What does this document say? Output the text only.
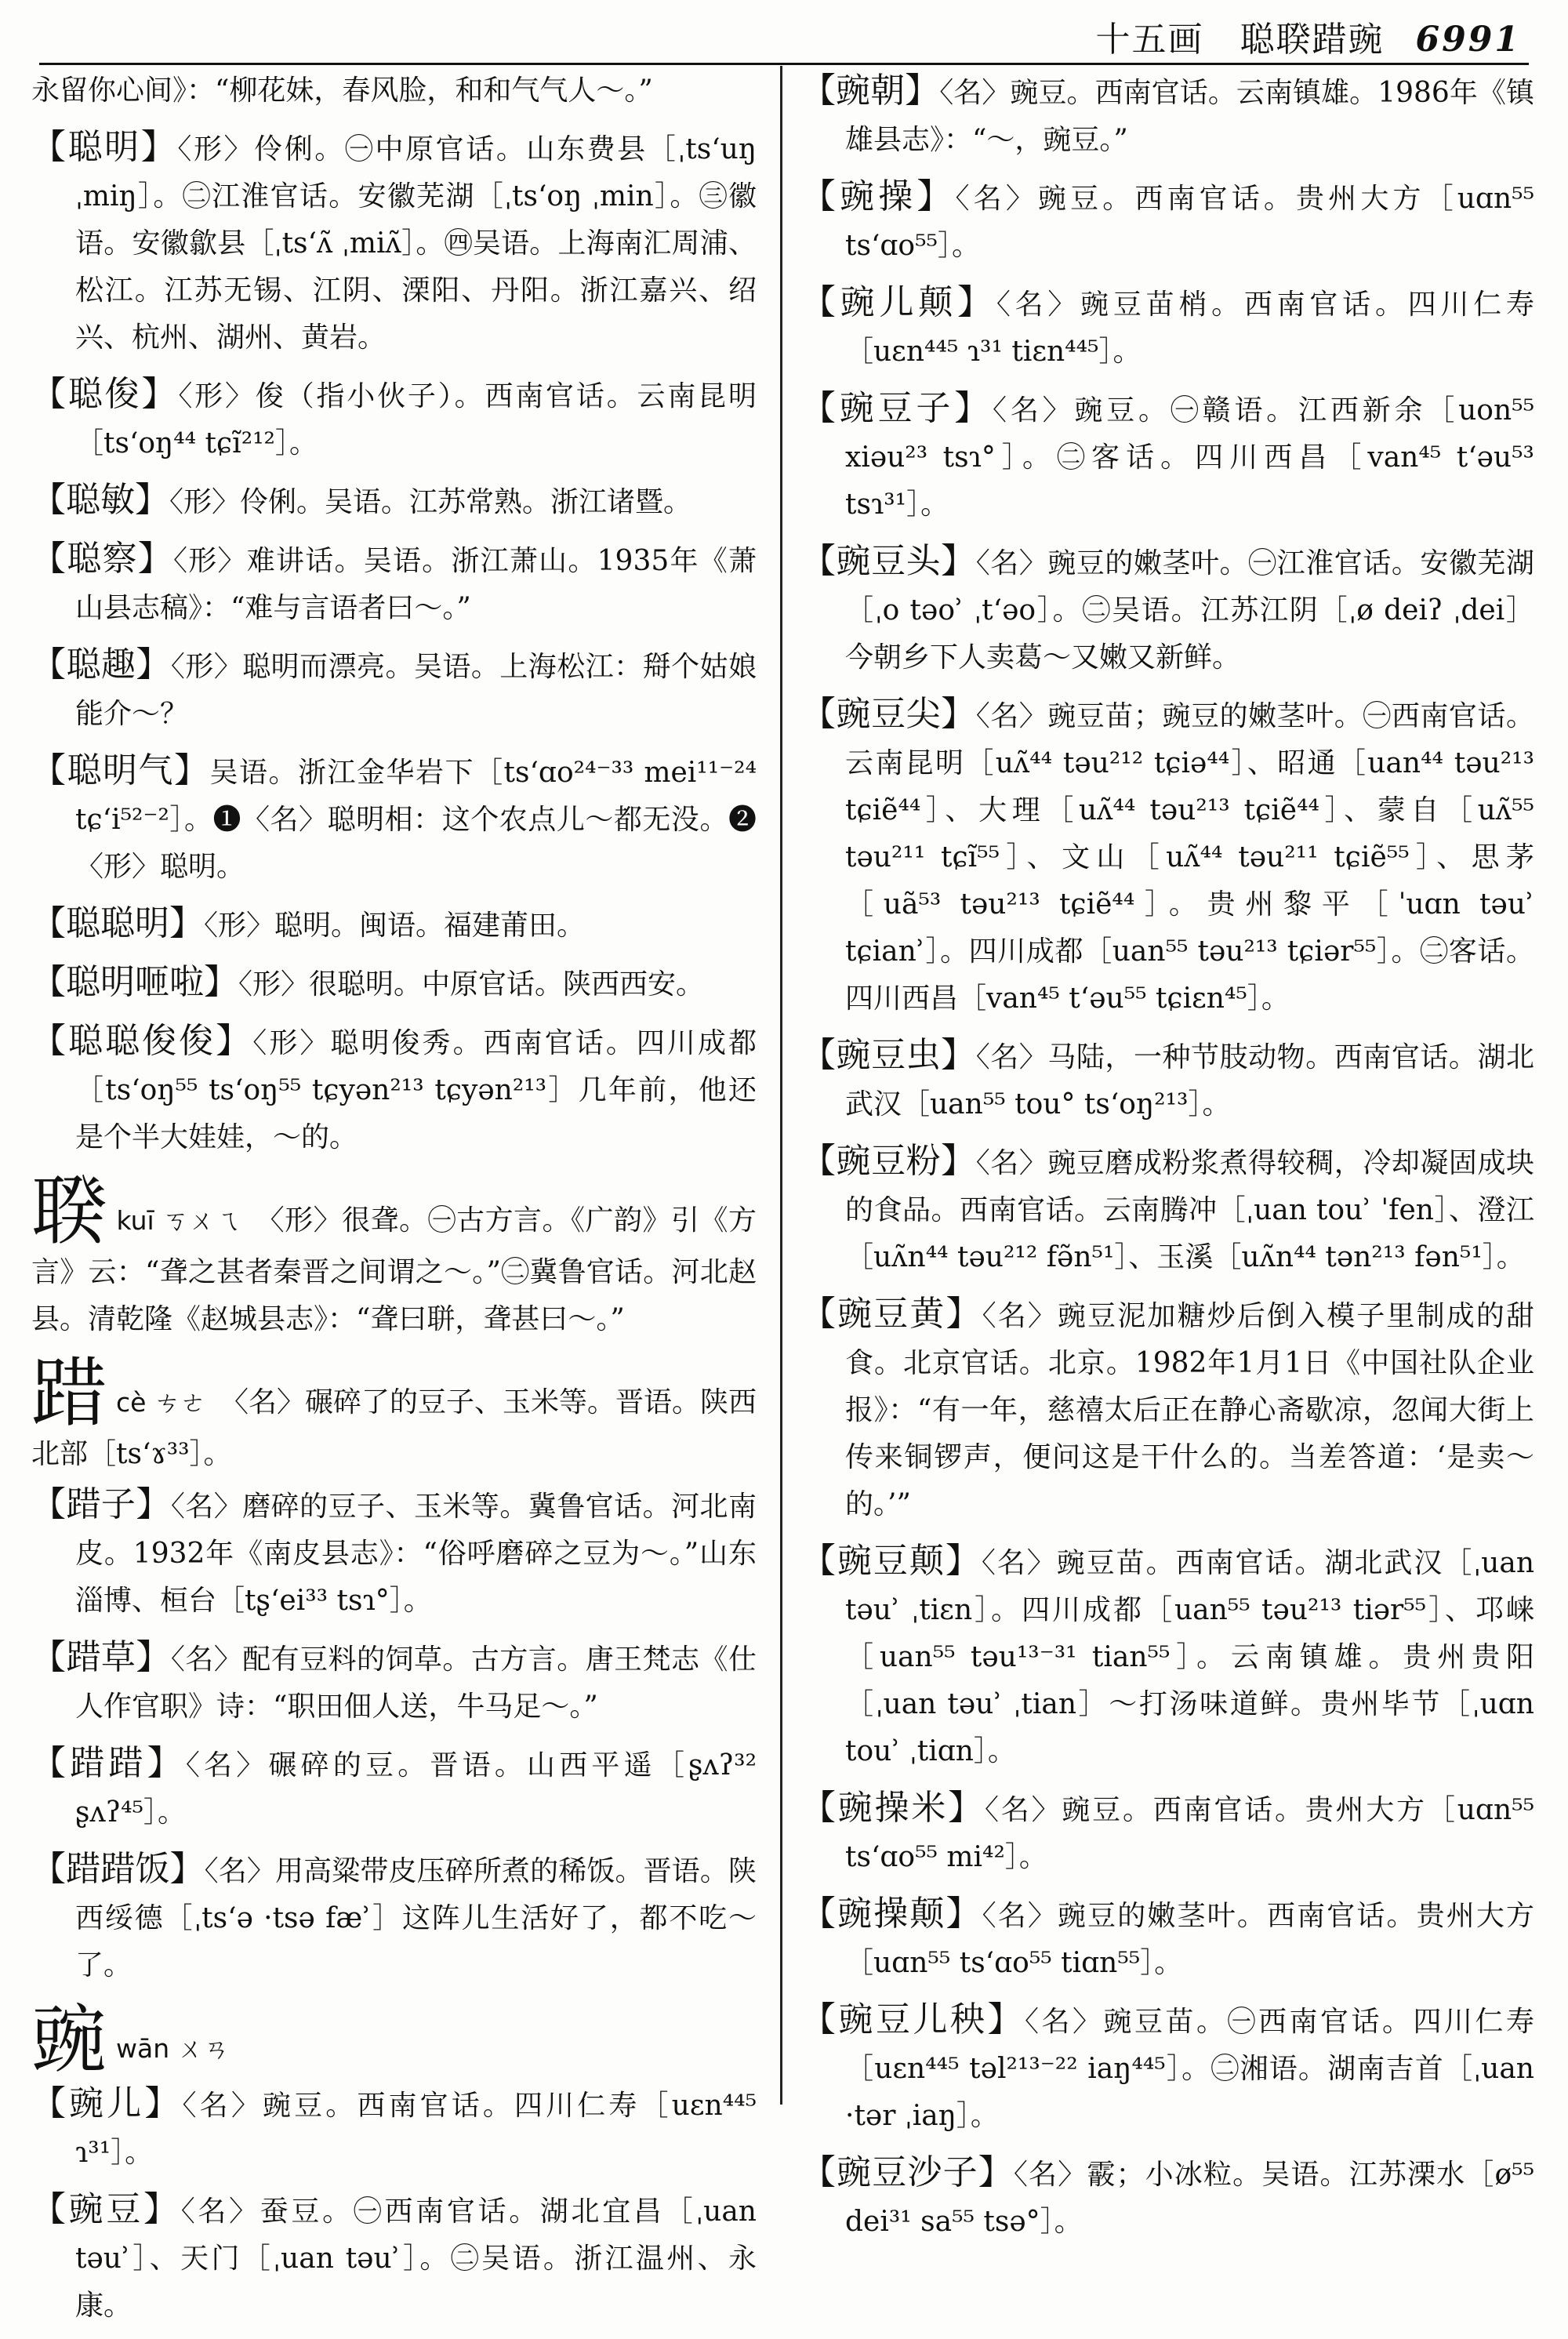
十五画　聪聧踖豌 6991

永留你心间》：“柳花妹，春风脸，和和气气人～。”

【聪明】〈形〉伶俐。㊀中原官话。山东费县［ˌts‘uŋ ˌmiŋ］。㊁江淮官话。安徽芜湖［ˌts‘oŋ ˌmin］。㊂徽语。安徽歙县［ˌts‘ʌ̃ ˌmiʌ̃］。㊃吴语。上海南汇周浦、松江。江苏无锡、江阴、溧阳、丹阳。浙江嘉兴、绍兴、杭州、湖州、黄岩。

【聪俊】〈形〉俊（指小伙子）。西南官话。云南昆明［ts‘oŋ⁴⁴ tɕĩ²¹²］。

【聪敏】〈形〉伶俐。吴语。江苏常熟。浙江诸暨。

【聪察】〈形〉难讲话。吴语。浙江萧山。1935年《萧山县志稿》：“难与言语者曰～。”

【聪趣】〈形〉聪明而漂亮。吴语。上海松江：搿个姑娘能介～？

【聪明气】吴语。浙江金华岩下［ts‘ɑo²⁴⁻³³ mei¹¹⁻²⁴ tɕ‘i⁵²⁻²］。❶〈名〉聪明相：这个农点儿～都无没。❷〈形〉聪明。

【聪聪明】〈形〉聪明。闽语。福建莆田。

【聪明咂啦】〈形〉很聪明。中原官话。陕西西安。

【聪聪俊俊】〈形〉聪明俊秀。西南官话。四川成都［ts‘oŋ⁵⁵ ts‘oŋ⁵⁵ tɕyən²¹³ tɕyən²¹³］几年前，他还是个半大娃娃，～的。

聧kuī ㄎㄨㄟ　 〈形〉很聋。㊀古方言。《广韵》引《方言》云：“聋之甚者秦晋之间谓之～。”㊁冀鲁官话。河北赵县。清乾隆《赵城县志》：“聋曰聠，聋甚曰～。”

踖cè ㄘㄜ　 〈名〉碾碎了的豆子、玉米等。晋语。陕西北部［ts‘ɤ³³］。

【踖子】〈名〉磨碎的豆子、玉米等。冀鲁官话。河北南皮。1932年《南皮县志》：“俗呼磨碎之豆为～。”山东淄博、桓台［tʂ‘ei³³ tsɿ°］。

【踖草】〈名〉配有豆料的饲草。古方言。唐王梵志《仕人作官职》诗：“职田佃人送，牛马足～。”

【踖踖】〈名〉碾碎的豆。晋语。山西平遥［ʂʌʔ³² ʂʌʔ⁴⁵］。

【踖踖饭】〈名〉用高粱带皮压碎所煮的稀饭。晋语。陕西绥德［ˌts‘ə ·tsə fæʾ］这阵儿生活好了，都不吃～了。

豌wān ㄨㄢ

【豌儿】〈名〉豌豆。西南官话。四川仁寿［uɛn⁴⁴⁵ ɿ³¹］。

【豌豆】〈名〉蚕豆。㊀西南官话。湖北宜昌［ˌuan təuʾ］、天门［ˌuan təuʾ］。㊁吴语。浙江温州、永康。

【豌朝】〈名〉豌豆。西南官话。云南镇雄。1986年《镇雄县志》：“～，豌豆。”

【豌操】〈名〉豌豆。西南官话。贵州大方［uɑn⁵⁵ ts‘ɑo⁵⁵］。

【豌儿颠】〈名〉豌豆苗梢。西南官话。四川仁寿［uɛn⁴⁴⁵ ɿ³¹ tiɛn⁴⁴⁵］。

【豌豆子】〈名〉豌豆。㊀赣语。江西新余［uon⁵⁵ xiəu²³ tsɿ°］。㊁客话。四川西昌［van⁴⁵ t‘əu⁵³ tsɿ³¹］。

【豌豆头】〈名〉豌豆的嫩茎叶。㊀江淮官话。安徽芜湖［ˌo təoʾ ˌt‘əo］。㊁吴语。江苏江阴［ˌø deiʔ ˌdei］今朝乡下人卖葛～又嫩又新鲜。

【豌豆尖】〈名〉豌豆苗；豌豆的嫩茎叶。㊀西南官话。云南昆明［uʌ̃⁴⁴ təu²¹² tɕiə⁴⁴］、昭通［uan⁴⁴ təu²¹³ tɕiẽ⁴⁴］、大理［uʌ̃⁴⁴ təu²¹³ tɕiẽ⁴⁴］、蒙自［uʌ̃⁵⁵ təu²¹¹ tɕĩ⁵⁵］、文山［uʌ̃⁴⁴ təu²¹¹ tɕiẽ⁵⁵］、思茅［uã⁵³ təu²¹³ tɕiẽ⁴⁴］。贵州黎平［ˈuɑn təuʾ tɕianʾ］。四川成都［uan⁵⁵ təu²¹³ tɕiər⁵⁵］。㊁客话。四川西昌［van⁴⁵ t‘əu⁵⁵ tɕiɛn⁴⁵］。

【豌豆虫】〈名〉马陆，一种节肢动物。西南官话。湖北武汉［uan⁵⁵ tou° ts‘oŋ²¹³］。

【豌豆粉】〈名〉豌豆磨成粉浆煮得较稠，冷却凝固成块的食品。西南官话。云南腾冲［ˌuan touʾ ˈfen］、澄江［uʌ̃n⁴⁴ təu²¹² fə̃n⁵¹］、玉溪［uʌ̃n⁴⁴ tən²¹³ fən⁵¹］。

【豌豆黄】〈名〉豌豆泥加糖炒后倒入模子里制成的甜食。北京官话。北京。1982年1月1日《中国社队企业报》：“有一年，慈禧太后正在静心斋歇凉，忽闻大街上传来铜锣声，便问这是干什么的。当差答道：‘是卖～的。’”

【豌豆颠】〈名〉豌豆苗。西南官话。湖北武汉［ˌuan təuʾ ˌtiɛn］。四川成都［uan⁵⁵ təu²¹³ tiər⁵⁵］、邛崃［uan⁵⁵ təu¹³⁻³¹ tian⁵⁵］。云南镇雄。贵州贵阳［ˌuan təuʾ ˌtian］～打汤味道鲜。贵州毕节［ˌuɑn touʾ ˌtiɑn］。

【豌操米】〈名〉豌豆。西南官话。贵州大方［uɑn⁵⁵ ts‘ɑo⁵⁵ mi⁴²］。

【豌操颠】〈名〉豌豆的嫩茎叶。西南官话。贵州大方［uɑn⁵⁵ ts‘ɑo⁵⁵ tiɑn⁵⁵］。

【豌豆儿秧】〈名〉豌豆苗。㊀西南官话。四川仁寿［uɛn⁴⁴⁵ təl²¹³⁻²² iaŋ⁴⁴⁵］。㊁湘语。湖南吉首［ˌuan ·tər ˌiaŋ］。

【豌豆沙子】〈名〉霰；小冰粒。吴语。江苏溧水［ø⁵⁵ dei³¹ sa⁵⁵ tsə°］。
